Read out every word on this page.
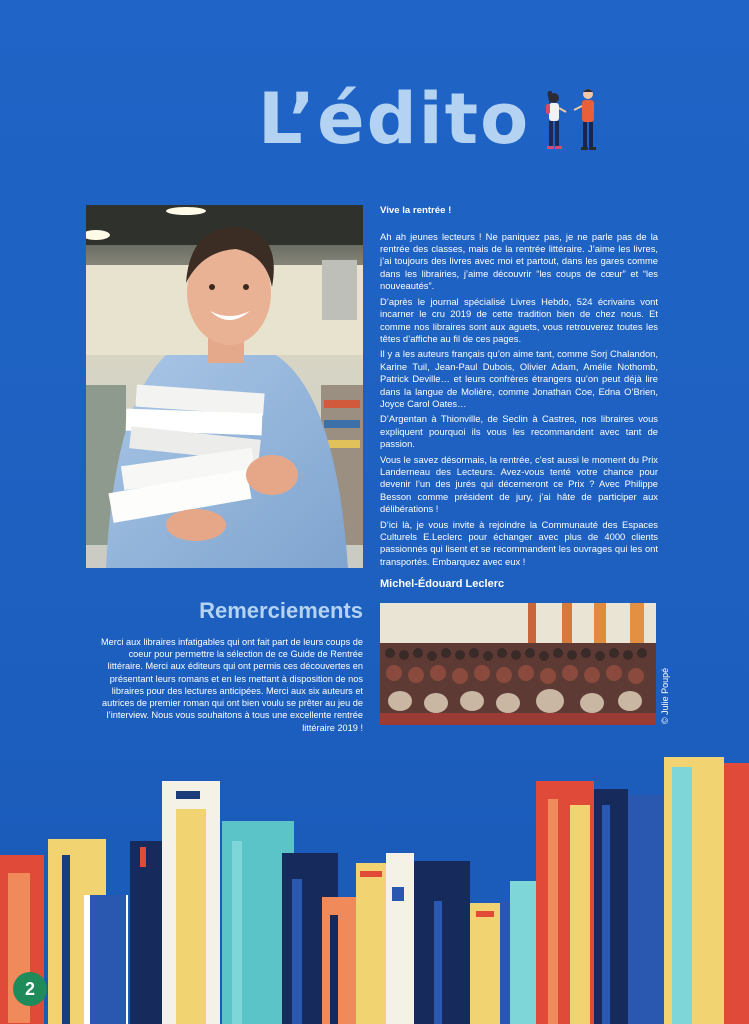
L’édito
Vive la rentrée !

Ah ah jeunes lecteurs ! Ne paniquez pas, je ne parle pas de la rentrée des classes, mais de la rentrée littéraire. J’aime les livres, j’ai toujours des livres avec moi et partout, dans les gares comme dans les librairies, j’aime découvrir “les coups de cœur” et “les nouveautés”.

D’après le journal spécialisé Livres Hebdo, 524 écrivains vont incarner le cru 2019 de cette tradition bien de chez nous. Et comme nos libraires sont aux aguets, vous retrouverez toutes les têtes d’affiche au fil de ces pages.

Il y a les auteurs français qu’on aime tant, comme Sorj Chalandon, Karine Tuil, Jean-Paul Dubois, Olivier Adam, Amélie Nothomb, Patrick Deville… et leurs confrères étrangers qu’on peut déjà lire dans la langue de Molière, comme Jonathan Coe, Edna O’Brien, Joyce Carol Oates…

D’Argentan à Thionville, de Seclin à Castres, nos libraires vous expliquent pourquoi ils vous les recommandent avec tant de passion.

Vous le savez désormais, la rentrée, c’est aussi le moment du Prix Landerneau des Lecteurs. Avez-vous tenté votre chance pour devenir l’un des jurés qui décerneront ce Prix ? Avec Philippe Besson comme président de jury, j’ai hâte de participer aux délibérations !

D’ici là, je vous invite à rejoindre la Communauté des Espaces Culturels E.Leclerc pour échanger avec plus de 4000 clients passionnés qui lisent et se recommandent les ouvrages qui les ont transportés. Embarquez avec eux !

Michel-Édouard Leclerc
Remerciements

Merci aux libraires infatigables qui ont fait part de leurs coups de coeur pour permettre la sélection de ce Guide de Rentrée littéraire. Merci aux éditeurs qui ont permis ces découvertes en présentant leurs romans et en les mettant à disposition de nos libraires pour des lectures anticipées. Merci aux six auteurs et autrices de premier roman qui ont bien voulu se prêter au jeu de l’interview. Nous vous souhaitons à tous une excellente rentrée littéraire 2019 !

© Julie Poupé
2
